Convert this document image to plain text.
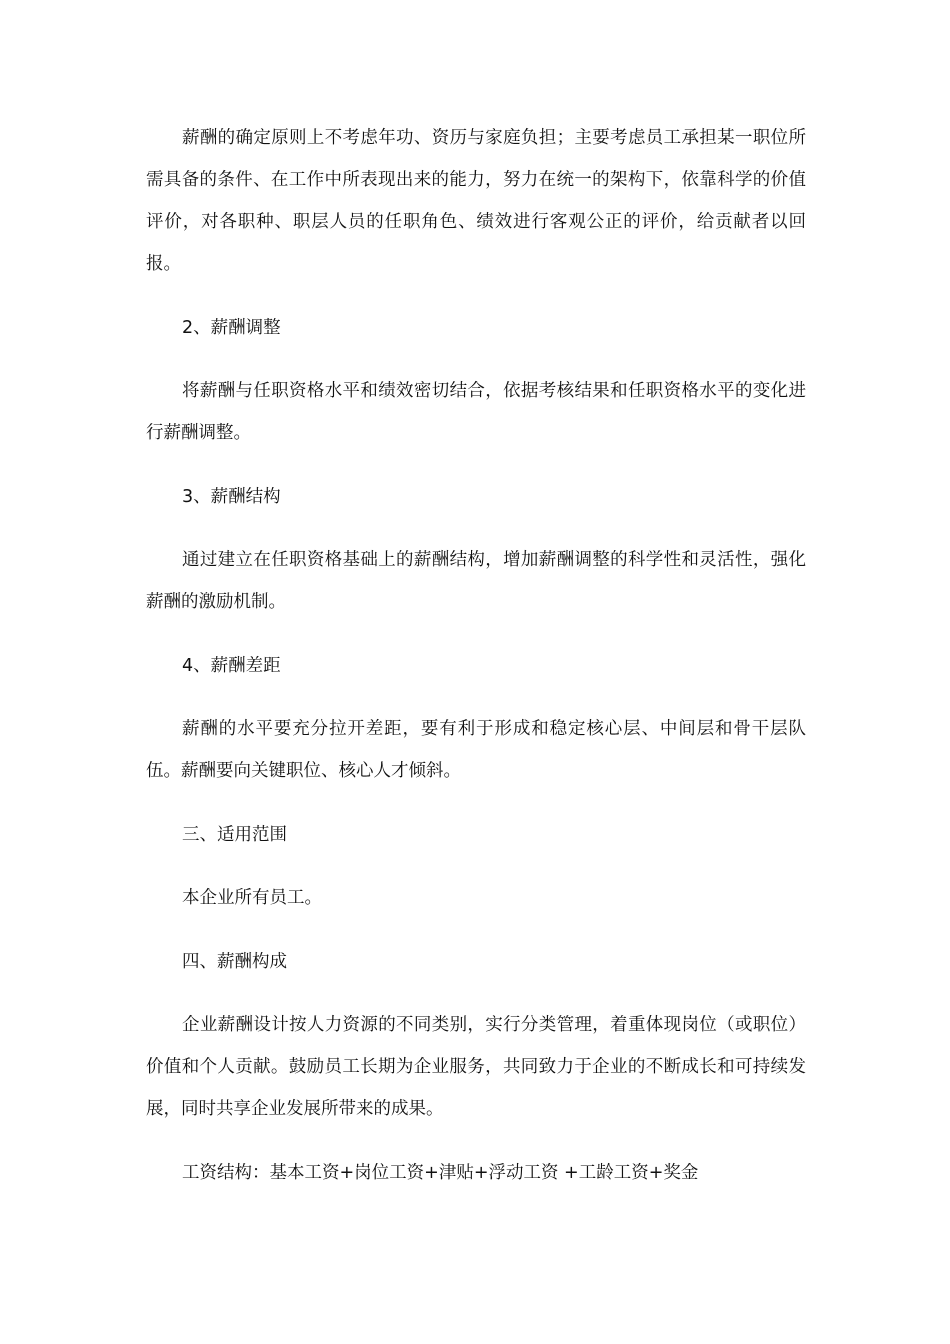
薪酬的确定原则上不考虑年功、资历与家庭负担；主要考虑员工承担某一职位所需具备的条件、在工作中所表现出来的能力，努力在统一的架构下，依靠科学的价值评价，对各职种、职层人员的任职角色、绩效进行客观公正的评价，给贡献者以回报。

2、薪酬调整

将薪酬与任职资格水平和绩效密切结合，依据考核结果和任职资格水平的变化进行薪酬调整。

3、薪酬结构

通过建立在任职资格基础上的薪酬结构，增加薪酬调整的科学性和灵活性，强化薪酬的激励机制。

4、薪酬差距

薪酬的水平要充分拉开差距，要有利于形成和稳定核心层、中间层和骨干层队伍。薪酬要向关键职位、核心人才倾斜。

三、适用范围

本企业所有员工。

四、薪酬构成

企业薪酬设计按人力资源的不同类别，实行分类管理，着重体现岗位（或职位）价值和个人贡献。鼓励员工长期为企业服务，共同致力于企业的不断成长和可持续发展，同时共享企业发展所带来的成果。

工资结构：基本工资+岗位工资+津贴+浮动工资 +工龄工资+奖金
